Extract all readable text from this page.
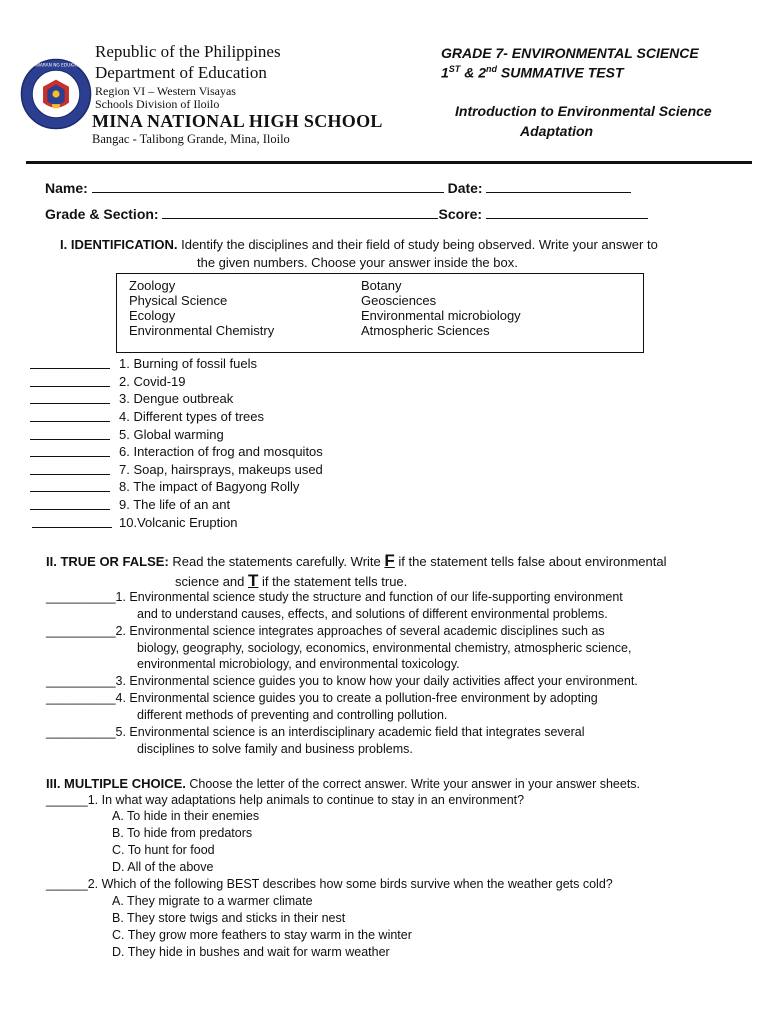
KAGAWARAN NG EDUKASYON
Republic of the Philippines
Department of Education
Region VI – Western Visayas
Schools Division of Iloilo
MINA NATIONAL HIGH SCHOOL
Bangac - Talibong Grande, Mina, Iloilo
GRADE 7- ENVIRONMENTAL SCIENCE
1ST & 2nd SUMMATIVE TEST
Introduction to Environmental Science
Adaptation
Name:	Date:
Grade & Section:	Score:
I. IDENTIFICATION. Identify the disciplines and their field of study being observed. Write your answer to
the given numbers. Choose your answer inside the box.
Zoology
Physical Science
Ecology
Environmental Chemistry
Botany
Geosciences
Environmental microbiology
Atmospheric Sciences
1. Burning of fossil fuels
2. Covid-19
3. Dengue outbreak
4. Different types of trees
5. Global warming
6. Interaction of frog and mosquitos
7. Soap, hairsprays, makeups used
8. The impact of Bagyong Rolly
9. The life of an ant
10.Volcanic Eruption
II. TRUE OR FALSE: Read the statements carefully. Write F if the statement tells false about environmental
science and T if the statement tells true.
__________1. Environmental science study the structure and function of our life-supporting environment
and to understand causes, effects, and solutions of different environmental problems.
__________2. Environmental science integrates approaches of several academic disciplines such as
biology, geography, sociology, economics, environmental chemistry, atmospheric science,
environmental microbiology, and environmental toxicology.
__________3. Environmental science guides you to know how your daily activities affect your environment.
__________4. Environmental science guides you to create a pollution-free environment by adopting
different methods of preventing and controlling pollution.
__________5. Environmental science is an interdisciplinary academic field that integrates several
disciplines to solve family and business problems.
III. MULTIPLE CHOICE. Choose the letter of the correct answer. Write your answer in your answer sheets.
______1. In what way adaptations help animals to continue to stay in an environment?
A. To hide in their enemies
B. To hide from predators
C. To hunt for food
D. All of the above
______2. Which of the following BEST describes how some birds survive when the weather gets cold?
A. They migrate to a warmer climate
B. They store twigs and sticks in their nest
C. They grow more feathers to stay warm in the winter
D. They hide in bushes and wait for warm weather
